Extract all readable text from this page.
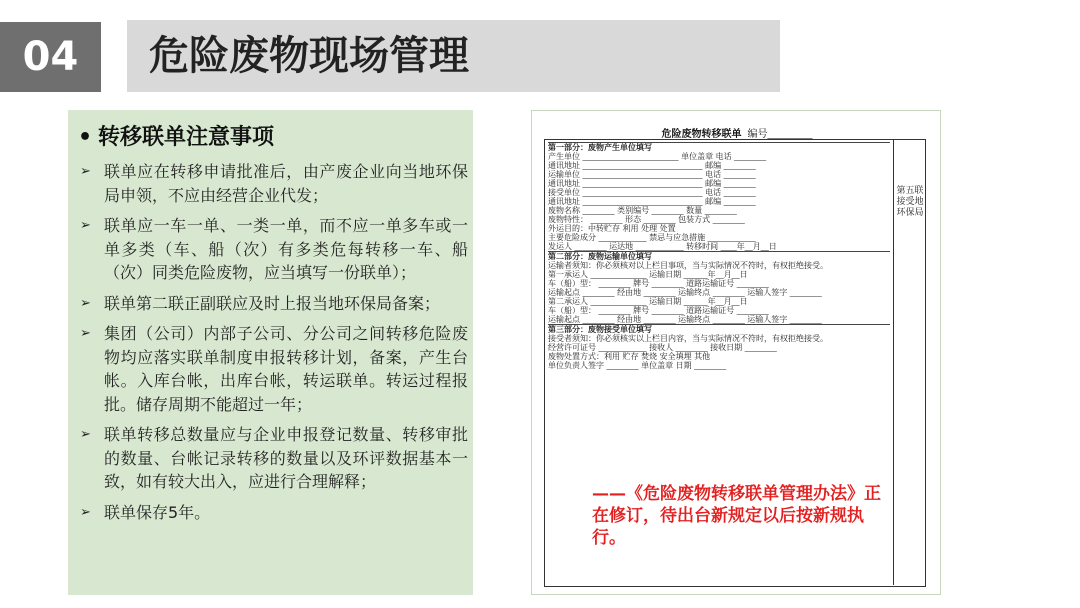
04	危险废物现场管理
• 转移联单注意事项
➢ 联单应在转移申请批准后，由产废企业向当地环保局申领，不应由经营企业代发；
➢ 联单应一车一单、一类一单，而不应一单多车或一单多类（车、船（次）有多类危每转移一车、船（次）同类危险废物，应当填写一份联单）；
➢ 联单第二联正副联应及时上报当地环保局备案；
➢ 集团（公司）内部子公司、分公司之间转移危险废物均应落实联单制度申报转移计划，备案，产生台帐。入库台帐，出库台帐，转运联单。转运过程报批。储存周期不能超过一年；
➢ 联单转移总数量应与企业申报登记数量、转移审批的数量、台帐记录转移的数量以及环评数据基本一致，如有较大出入，应进行合理解释；
➢ 联单保存5年。
危险废物转移联单 编号_________
第一部分：废物产生单位填写
产生单位 ________________________ 单位盖章 电话 ________
通讯地址 ______________________________ 邮编 ________
运输单位 ______________________________ 电话 ________
通讯地址 ______________________________ 邮编 ________
接受单位 ______________________________ 电话 ________
通讯地址 ______________________________ 邮编 ________
废物名称 ________ 类别编号 ________ 数量 ________
废物特性： ________ 形态 ________ 包装方式 ________
外运目的：中转贮存 利用 处理 处置
主要危险成分 ____________ 禁忌与应急措施 ____________
发运人 ________ 运达地 ____________ 转移时间 ____年__月__日
第二部分：废物运输单位填写
运输者须知：你必须核对以上栏目事项，当与实际情况不符时，有权拒绝接受。
第一承运人 ______________ 运输日期 ______年__月__日
车（船）型： ________ 牌号 ________ 道路运输证号 ________
运输起点 ________ 经由地 ________ 运输终点 ________ 运输人签字 ________
第二承运人 ______________ 运输日期 ______年__月__日
车（船）型： ________ 牌号 ________ 道路运输证号 ________
运输起点 ________ 经由地 ________ 运输终点 ________ 运输人签字 ________
第三部分：废物接受单位填写
接受者须知：你必须核实以上栏目内容，当与实际情况不符时，有权拒绝接受。
经营许可证号 ____________ 接收人 ________ 接收日期 ________
废物处置方式：利用 贮存 焚烧 安全填埋 其他
单位负责人签字 ________ 单位盖章 日期 ________
第五联 接受地环保局
——《危险废物转移联单管理办法》正在修订，待出台新规定以后按新规执行。
